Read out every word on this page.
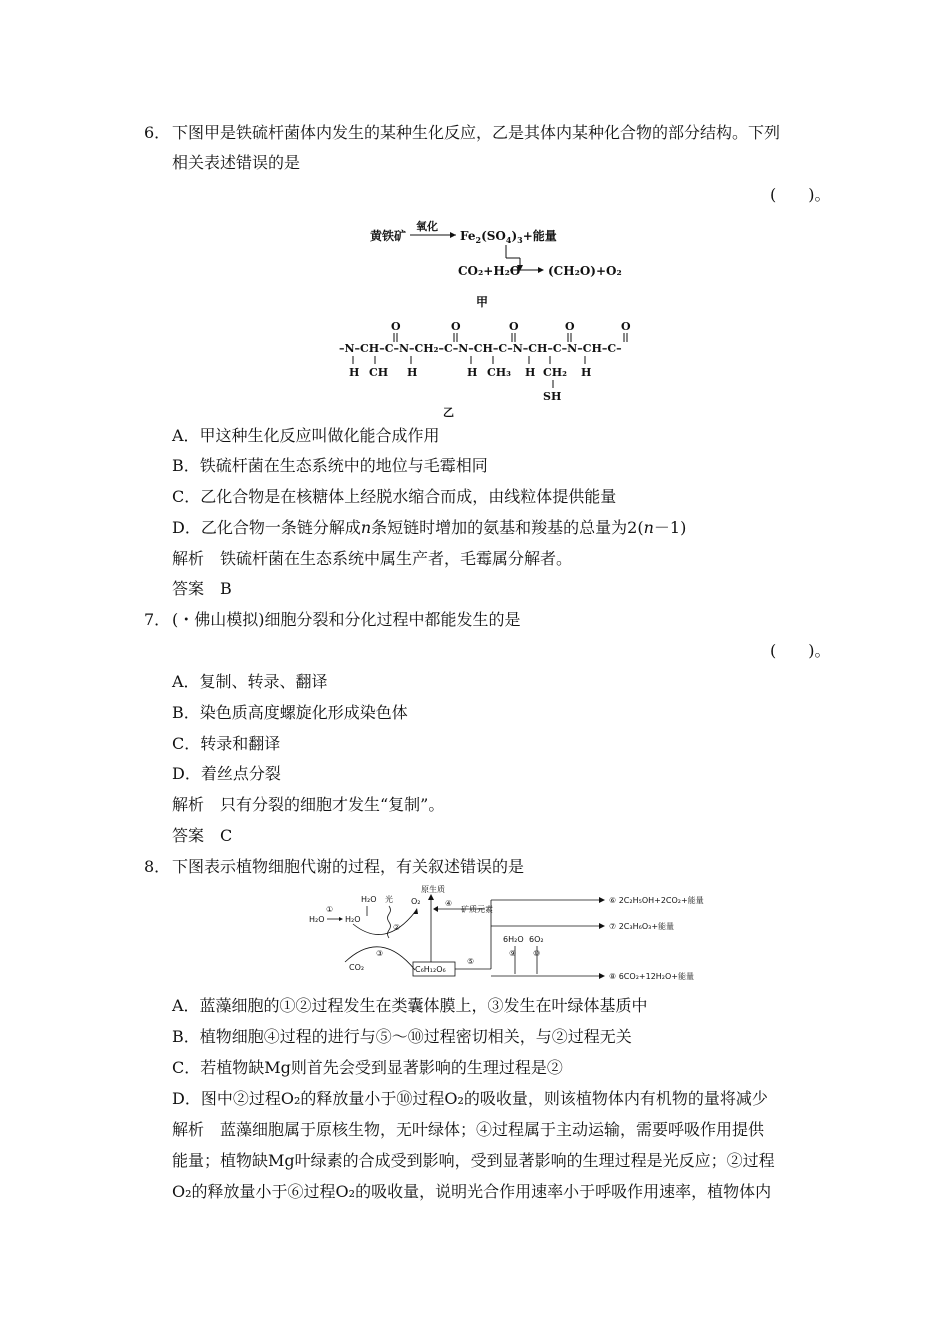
6． 下图甲是铁硫杆菌体内发生的某种生化反应，乙是其体内某种化合物的部分结构。下列
相关表述错误的是
(　　)。
黄铁矿
氧化
$Fe_2(SO_4)_3+$能量
CO₂+H₂O (CH₂O)+O₂
甲
O	O	O	O	O
–N–CH–C–N–CH₂–C–N–CH–C–N–CH–C–N–CH–C–
H CH H	H CH₃ H CH₂ H
SH
乙
A．甲这种生化反应叫做化能合成作用
B．铁硫杆菌在生态系统中的地位与毛霉相同
C．乙化合物是在核糖体上经脱水缩合而成，由线粒体提供能量
D．乙化合物一条链分解成n条短链时增加的氨基和羧基的总量为2(n－1)
解析　铁硫杆菌在生态系统中属生产者，毛霉属分解者。
答案　B
7． (・佛山模拟)细胞分裂和分化过程中都能发生的是
(　　)。
A．复制、转录、翻译
B．染色质高度螺旋化形成染色体
C．转录和翻译
D．着丝点分裂
解析　只有分裂的细胞才发生“复制”。
答案　C
8． 下图表示植物细胞代谢的过程，有关叙述错误的是
H₂O
①
H₂O
H₂O 光
②
O₂
③
CO₂	C₆H₁₂O₆
原生质
④
矿质元素
⑤
6H₂O 6O₂
⑨ ⑩
⑥ 2C₂H₅OH+2CO₂+能量
⑦ 2C₃H₆O₃+能量
⑧ 6CO₂+12H₂O+能量
A．蓝藻细胞的①②过程发生在类囊体膜上，③发生在叶绿体基质中
B．植物细胞④过程的进行与⑤～⑩过程密切相关，与②过程无关
C．若植物缺Mg则首先会受到显著影响的生理过程是②
D．图中②过程O₂的释放量小于⑩过程O₂的吸收量，则该植物体内有机物的量将减少
解析　蓝藻细胞属于原核生物，无叶绿体；④过程属于主动运输，需要呼吸作用提供
能量；植物缺Mg叶绿素的合成受到影响，受到显著影响的生理过程是光反应；②过程
O₂的释放量小于⑥过程O₂的吸收量，说明光合作用速率小于呼吸作用速率，植物体内
